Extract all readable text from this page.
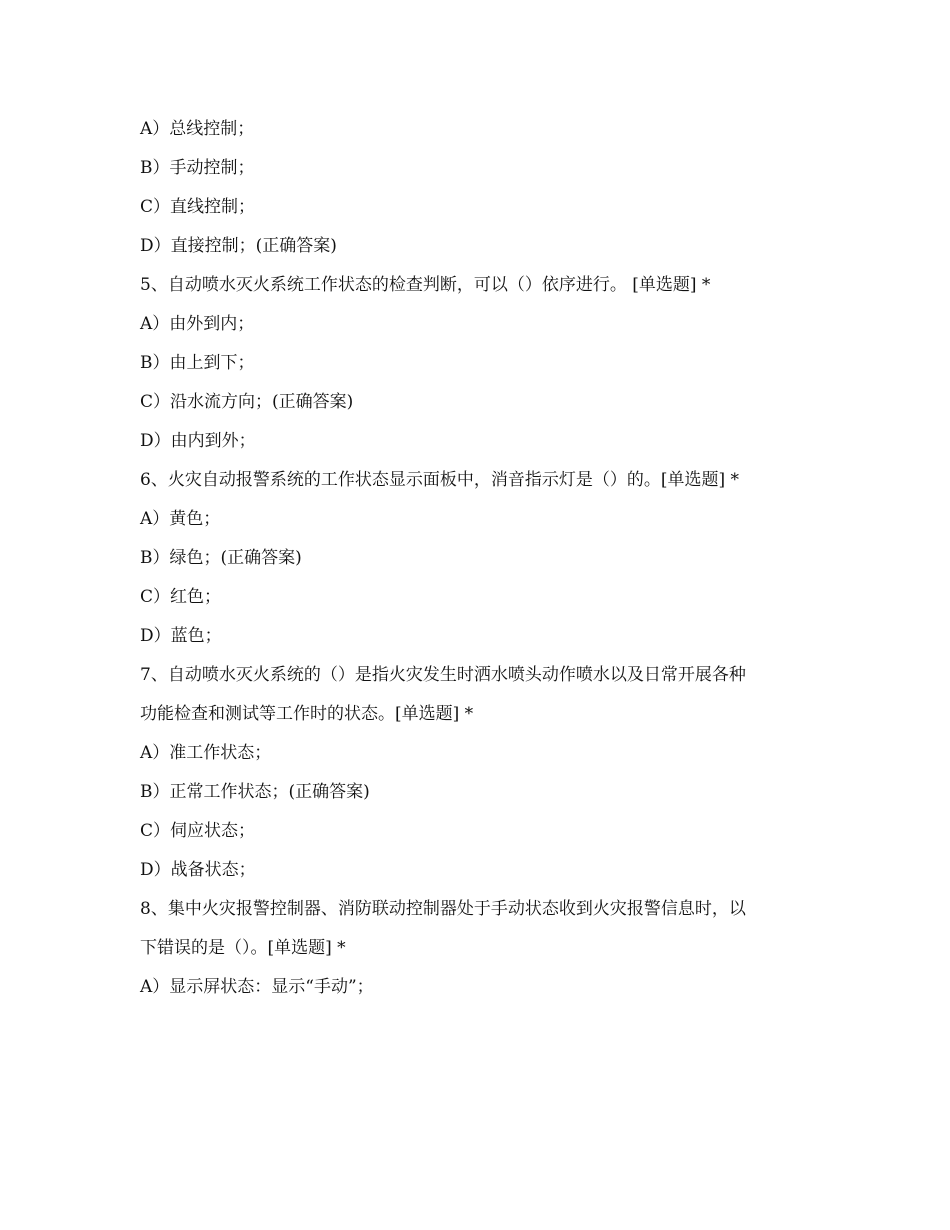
A）总线控制；
B）手动控制；
C）直线控制；
D）直接控制；(正确答案)
5、自动喷水灭火系统工作状态的检查判断，可以（）依序进行。 [单选题] *
A）由外到内；
B）由上到下；
C）沿水流方向；(正确答案)
D）由内到外；
6、火灾自动报警系统的工作状态显示面板中，消音指示灯是（）的。[单选题] *
A）黄色；
B）绿色；(正确答案)
C）红色；
D）蓝色；
7、自动喷水灭火系统的（）是指火灾发生时洒水喷头动作喷水以及日常开展各种
功能检查和测试等工作时的状态。[单选题] *
A）准工作状态；
B）正常工作状态；(正确答案)
C）伺应状态；
D）战备状态；
8、集中火灾报警控制器、消防联动控制器处于手动状态收到火灾报警信息时，以
下错误的是（）。[单选题] *
A）显示屏状态：显示“手动”；
